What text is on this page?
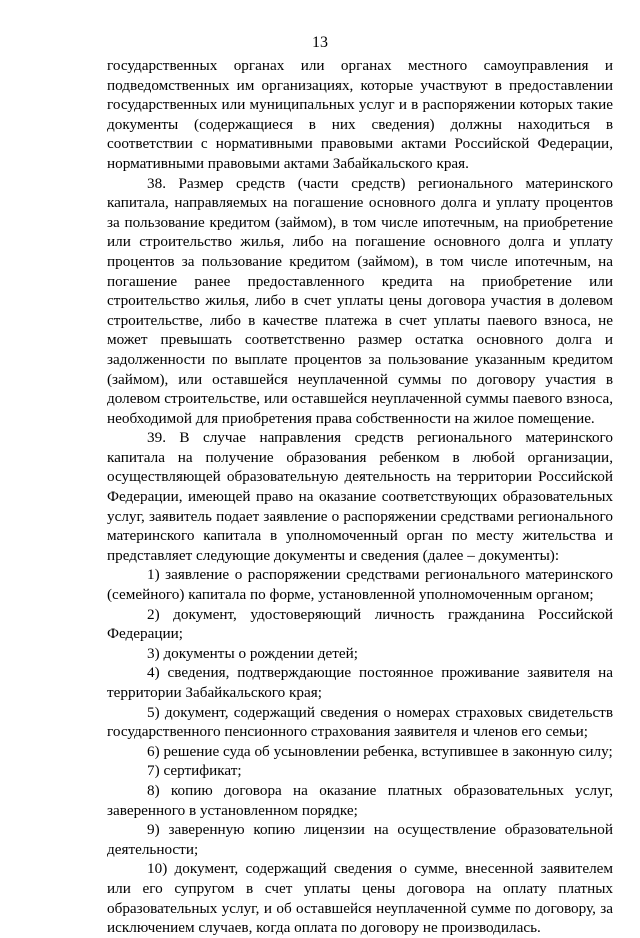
13

государственных органах или органах местного самоуправления и подведомственных им организациях, которые участвуют в предоставлении государственных или муниципальных услуг и в распоряжении которых такие документы (содержащиеся в них сведения) должны находиться в соответствии с нормативными правовыми актами Российской Федерации, нормативными правовыми актами Забайкальского края.

38. Размер средств (части средств) регионального материнского капитала, направляемых на погашение основного долга и уплату процентов за пользование кредитом (займом), в том числе ипотечным, на приобретение или строительство жилья, либо на погашение основного долга и уплату процентов за пользование кредитом (займом), в том числе ипотечным, на погашение ранее предоставленного кредита на приобретение или строительство жилья, либо в счет уплаты цены договора участия в долевом строительстве, либо в качестве платежа в счет уплаты паевого взноса, не может превышать соответственно размер остатка основного долга и задолженности по выплате процентов за пользование указанным кредитом (займом), или оставшейся неуплаченной суммы по договору участия в долевом строительстве, или оставшейся неуплаченной суммы паевого взноса, необходимой для приобретения права собственности на жилое помещение.

39. В случае направления средств регионального материнского капитала на получение образования ребенком в любой организации, осуществляющей образовательную деятельность на территории Российской Федерации, имеющей право на оказание соответствующих образовательных услуг, заявитель подает заявление о распоряжении средствами регионального материнского капитала в уполномоченный орган по месту жительства и представляет следующие документы и сведения (далее – документы):

1) заявление о распоряжении средствами регионального материнского (семейного) капитала по форме, установленной уполномоченным органом;

2) документ, удостоверяющий личность гражданина Российской Федерации;

3) документы о рождении детей;

4) сведения, подтверждающие постоянное проживание заявителя на территории Забайкальского края;

5) документ, содержащий сведения о номерах страховых свидетельств государственного пенсионного страхования заявителя и членов его семьи;

6) решение суда об усыновлении ребенка, вступившее в законную силу;

7) сертификат;

8) копию договора на оказание платных образовательных услуг, заверенного в установленном порядке;

9) заверенную копию лицензии на осуществление образовательной деятельности;

10) документ, содержащий сведения о сумме, внесенной заявителем или его супругом в счет уплаты цены договора на оплату платных образовательных услуг, и об оставшейся неуплаченной сумме по договору, за исключением случаев, когда оплата по договору не производилась.
